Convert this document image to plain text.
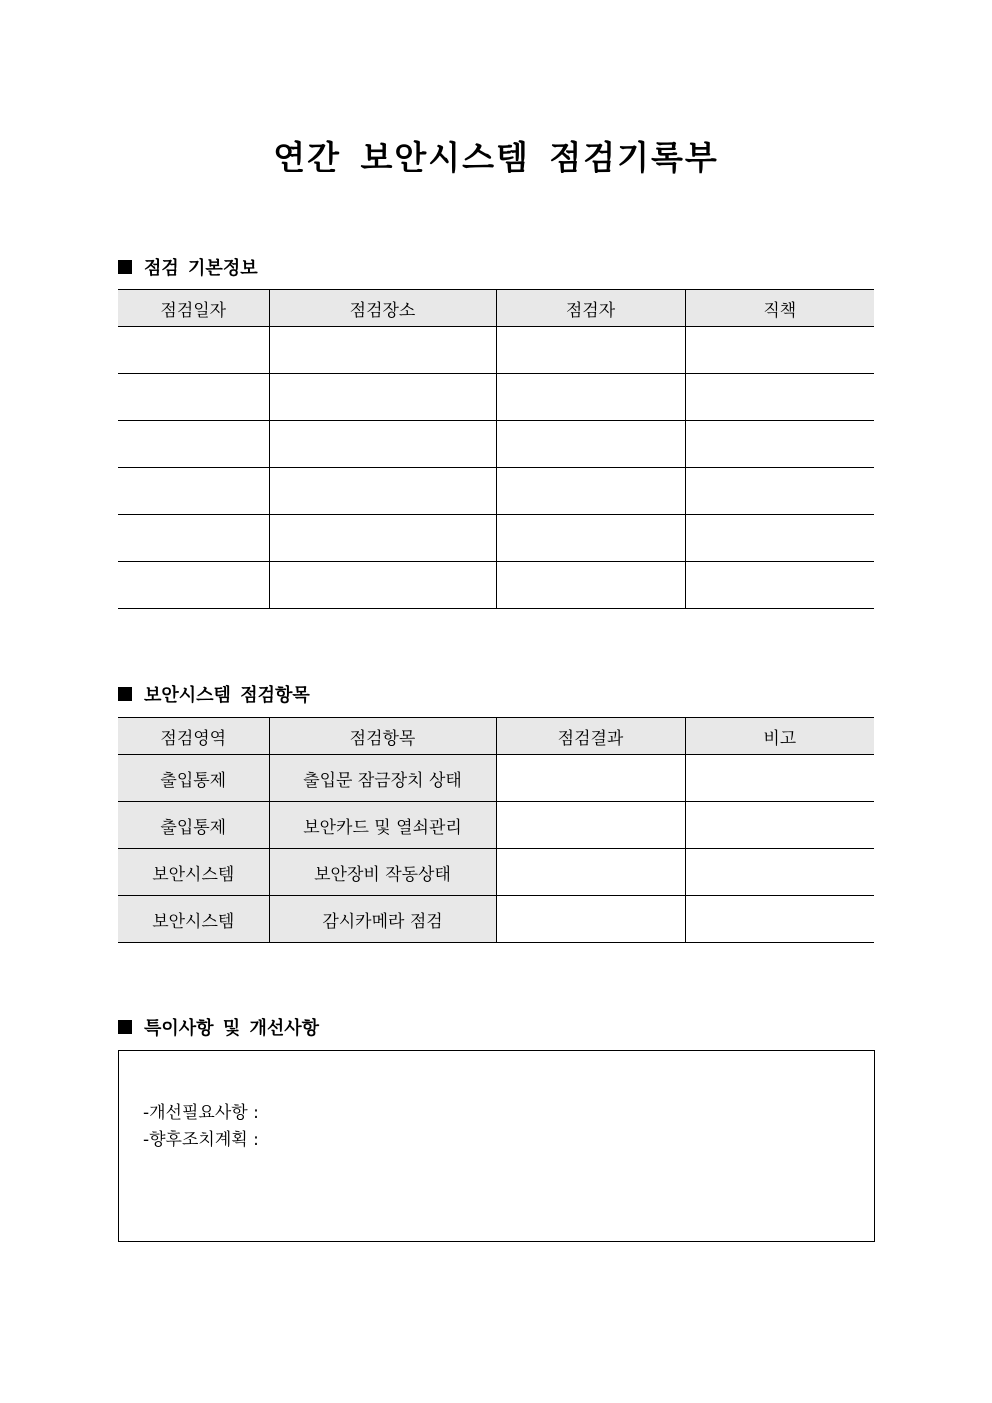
연간 보안시스템 점검기록부
점검 기본정보
점검일자	점검장소	점검자	직책

보안시스템 점검항목
점검영역	점검항목	점검결과	비고
출입통제	출입문 잠금장치 상태		
출입통제	보안카드 및 열쇠관리		
보안시스템	보안장비 작동상태		
보안시스템	감시카메라 점검		
특이사항 및 개선사항
-개선필요사항 :
-향후조치계획 :
